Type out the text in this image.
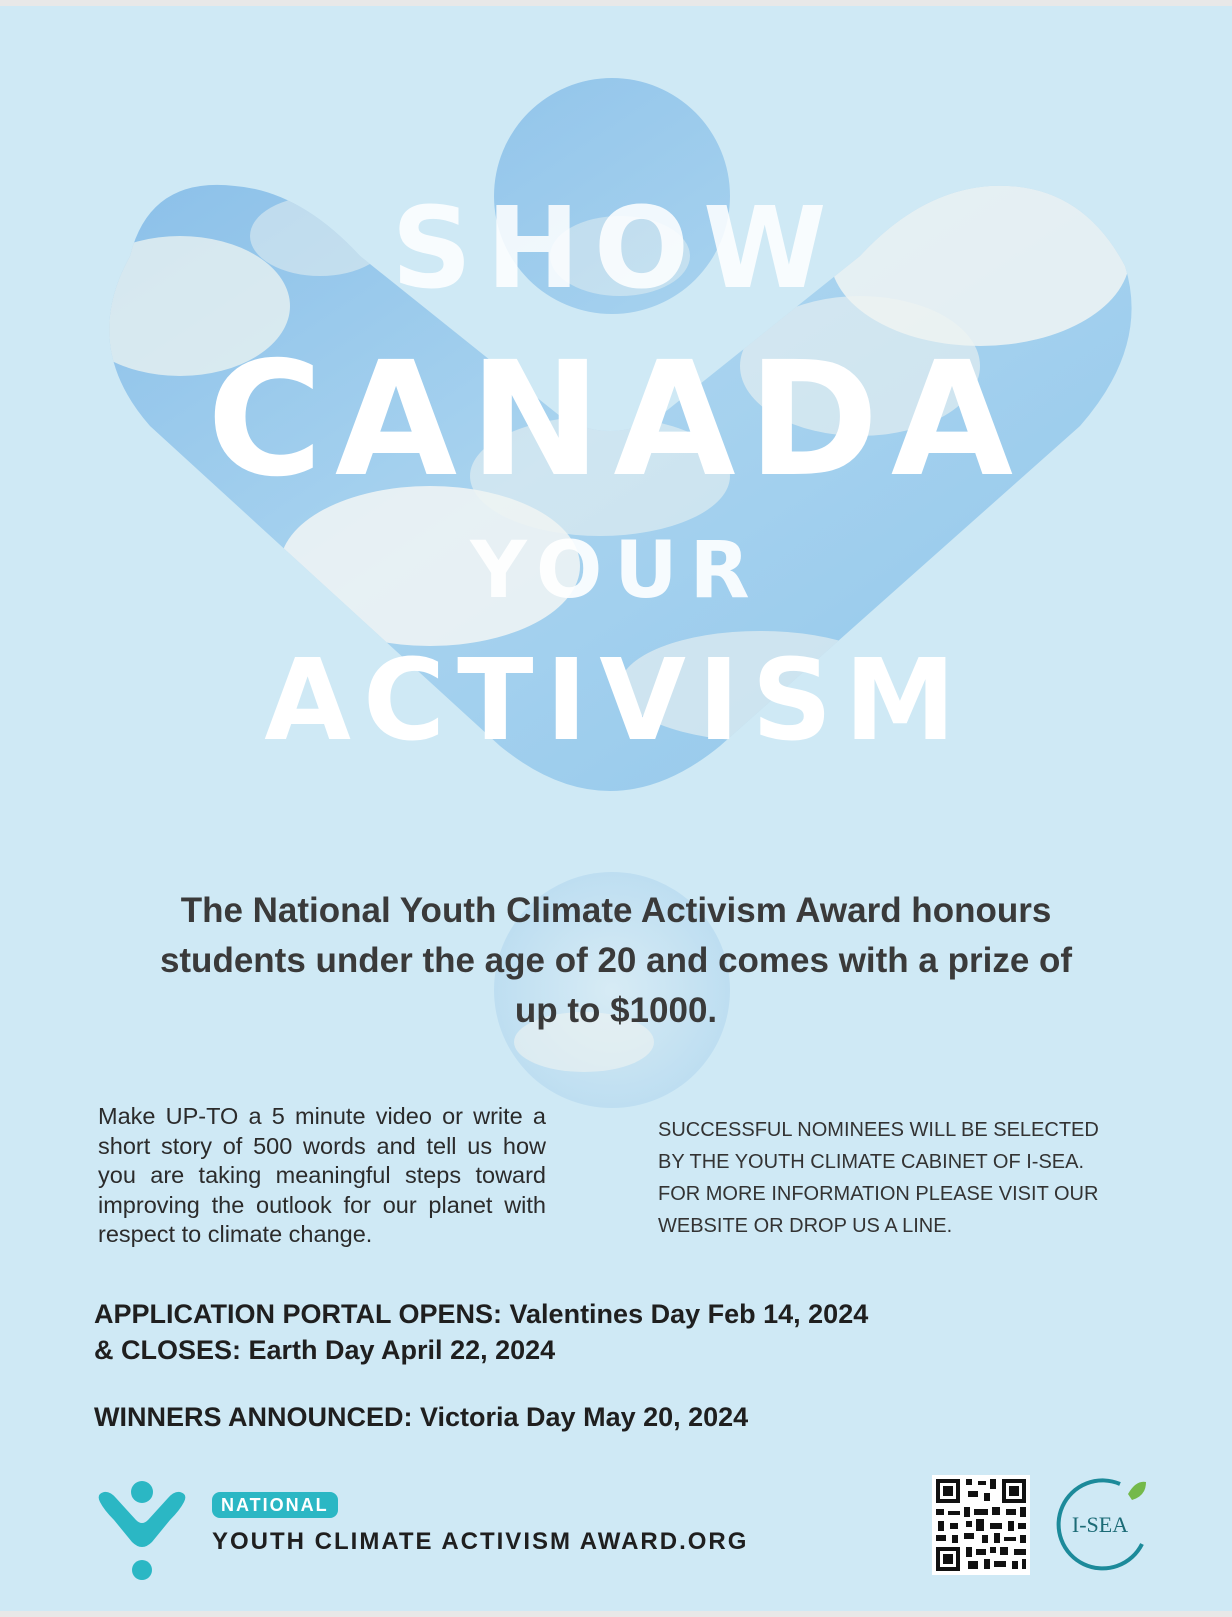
SHOW
CANADA
YOUR
ACTIVISM
The National Youth Climate Activism Award honours students under the age of 20 and comes with a prize of up to $1000.
Make UP-TO a 5 minute video or write a short story of 500 words and tell us how you are taking meaningful steps toward improving the outlook for our planet with respect to climate change.
SUCCESSFUL NOMINEES WILL BE SELECTED BY THE YOUTH CLIMATE CABINET OF I-SEA. FOR MORE INFORMATION PLEASE VISIT OUR WEBSITE OR DROP US A LINE.
APPLICATION PORTAL OPENS: Valentines Day Feb 14, 2024
& CLOSES: Earth Day April 22, 2024
WINNERS ANNOUNCED: Victoria Day May 20, 2024
NATIONAL
YOUTH CLIMATE ACTIVISM AWARD.ORG
I-SEA
